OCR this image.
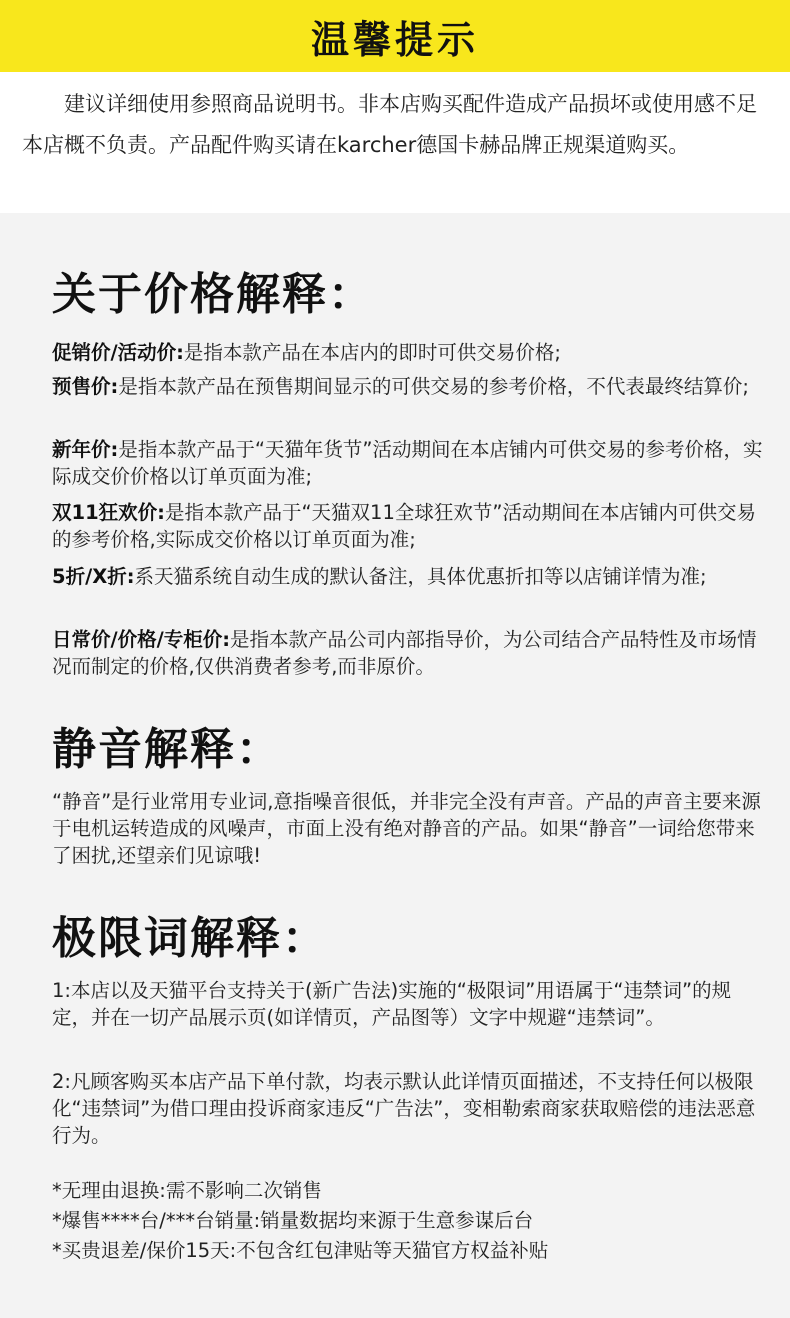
温馨提示
建议详细使用参照商品说明书。非本店购买配件造成产品损坏或使用感不足本店概不负责。产品配件购买请在karcher德国卡赫品牌正规渠道购买。
关于价格解释：
促销价/活动价:是指本款产品在本店内的即时可供交易价格;
预售价:是指本款产品在预售期间显示的可供交易的参考价格，不代表最终结算价;
新年价:是指本款产品于“天猫年货节”活动期间在本店铺内可供交易的参考价格，实际成交价价格以订单页面为准;
双11狂欢价:是指本款产品于“天猫双11全球狂欢节”活动期间在本店铺内可供交易的参考价格,实际成交价格以订单页面为准;
5折/X折:系天猫系统自动生成的默认备注，具体优惠折扣等以店铺详情为准;
日常价/价格/专柜价:是指本款产品公司内部指导价，为公司结合产品特性及市场情况而制定的价格,仅供消费者参考,而非原价。
静音解释：
“静音”是行业常用专业词,意指噪音很低，并非完全没有声音。产品的声音主要来源于电机运转造成的风噪声，市面上没有绝对静音的产品。如果“静音”一词给您带来了困扰,还望亲们见谅哦!
极限词解释：
1:本店以及天猫平台支持关于(新广告法)实施的“极限词”用语属于“违禁词”的规定，并在一切产品展示页(如详情页，产品图等）文字中规避“违禁词”。
2:凡顾客购买本店产品下单付款，均表示默认此详情页面描述，不支持任何以极限化“违禁词”为借口理由投诉商家违反“广告法”，变相勒索商家获取赔偿的违法恶意行为。
*无理由退换:需不影响二次销售
*爆售****台/***台销量:销量数据均来源于生意参谋后台
*买贵退差/保价15天:不包含红包津贴等天猫官方权益补贴
